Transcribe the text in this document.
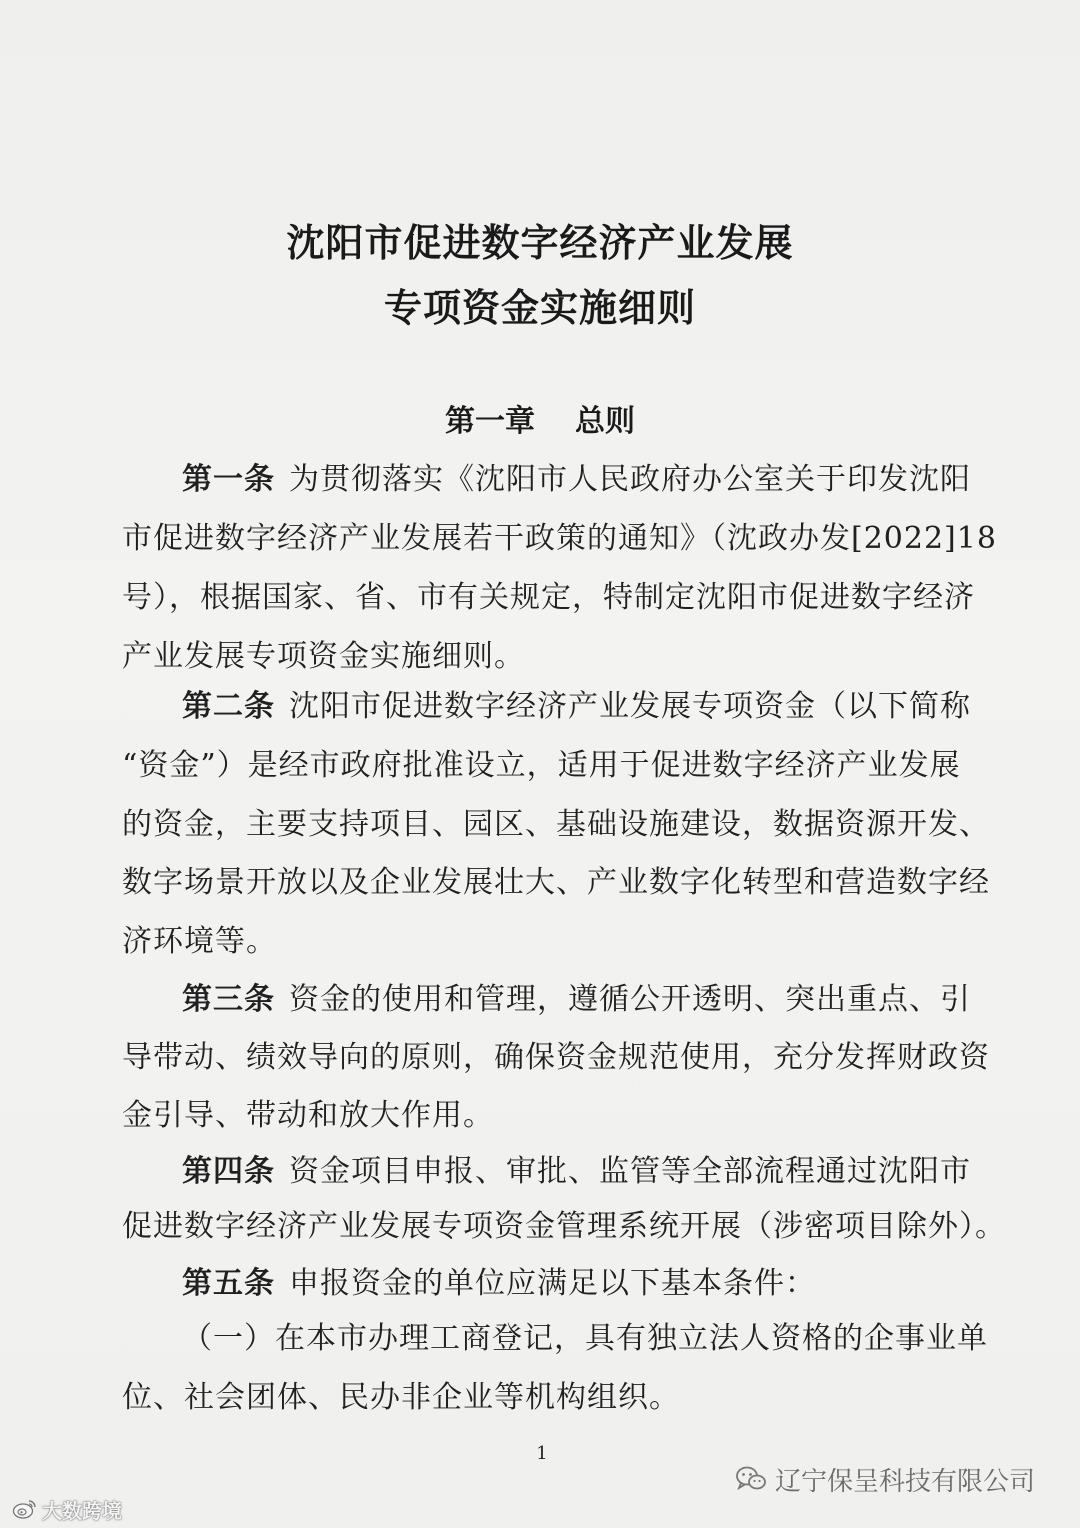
沈阳市促进数字经济产业发展
专项资金实施细则
第一章 总则
第一条 为贯彻落实《沈阳市人民政府办公室关于印发沈阳
市促进数字经济产业发展若干政策的通知》（沈政办发[2022]18
号），根据国家、省、市有关规定，特制定沈阳市促进数字经济
产业发展专项资金实施细则。
第二条 沈阳市促进数字经济产业发展专项资金（以下简称
“资金”）是经市政府批准设立，适用于促进数字经济产业发展
的资金，主要支持项目、园区、基础设施建设，数据资源开发、
数字场景开放以及企业发展壮大、产业数字化转型和营造数字经
济环境等。
第三条 资金的使用和管理，遵循公开透明、突出重点、引
导带动、绩效导向的原则，确保资金规范使用，充分发挥财政资
金引导、带动和放大作用。
第四条 资金项目申报、审批、监管等全部流程通过沈阳市
促进数字经济产业发展专项资金管理系统开展（涉密项目除外）。
第五条 申报资金的单位应满足以下基本条件：
（一）在本市办理工商登记，具有独立法人资格的企事业单
位、社会团体、民办非企业等机构组织。
1
辽宁保呈科技有限公司
大数跨境
